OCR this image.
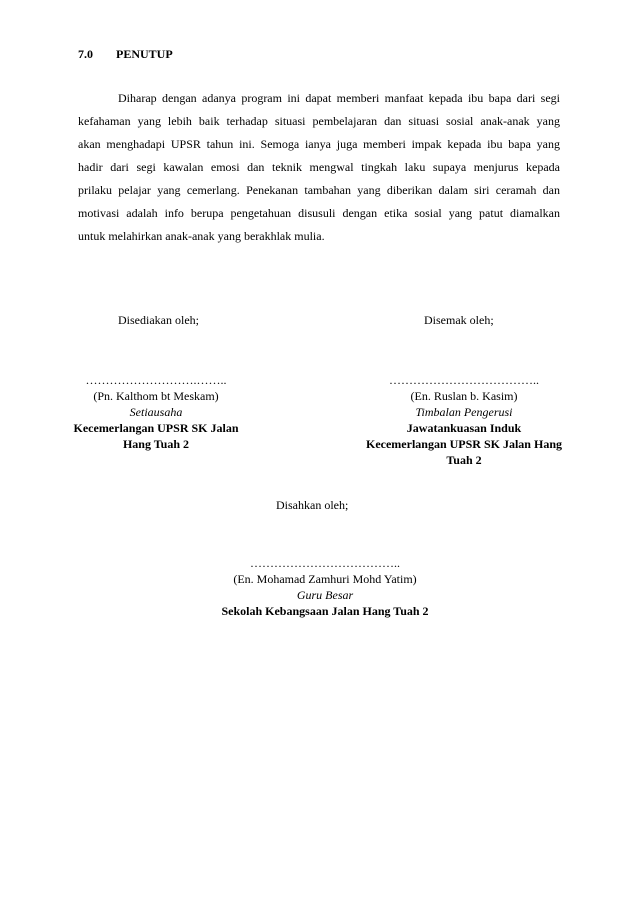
7.0 PENUTUP
Diharap dengan adanya program ini dapat memberi manfaat kepada ibu bapa dari segi
kefahaman yang lebih baik terhadap situasi pembelajaran dan situasi sosial anak-anak yang
akan menghadapi UPSR tahun ini. Semoga ianya juga memberi impak kepada ibu bapa yang
hadir dari segi kawalan emosi dan teknik mengwal tingkah laku supaya menjurus kepada
prilaku pelajar yang cemerlang. Penekanan tambahan yang diberikan dalam siri ceramah dan
motivasi adalah info berupa pengetahuan disusuli dengan etika sosial yang patut diamalkan
untuk melahirkan anak-anak yang berakhlak mulia.
Disediakan oleh;
……………………….……..
(Pn. Kalthom bt Meskam)
Setiausaha
Kecemerlangan UPSR SK Jalan
Hang Tuah 2
Disemak oleh;
………………………………..
(En. Ruslan b. Kasim)
Timbalan Pengerusi
Jawatankuasan Induk
Kecemerlangan UPSR SK Jalan Hang
Tuah 2
Disahkan oleh;
………………………………..
(En. Mohamad Zamhuri Mohd Yatim)
Guru Besar
Sekolah Kebangsaan Jalan Hang Tuah 2
